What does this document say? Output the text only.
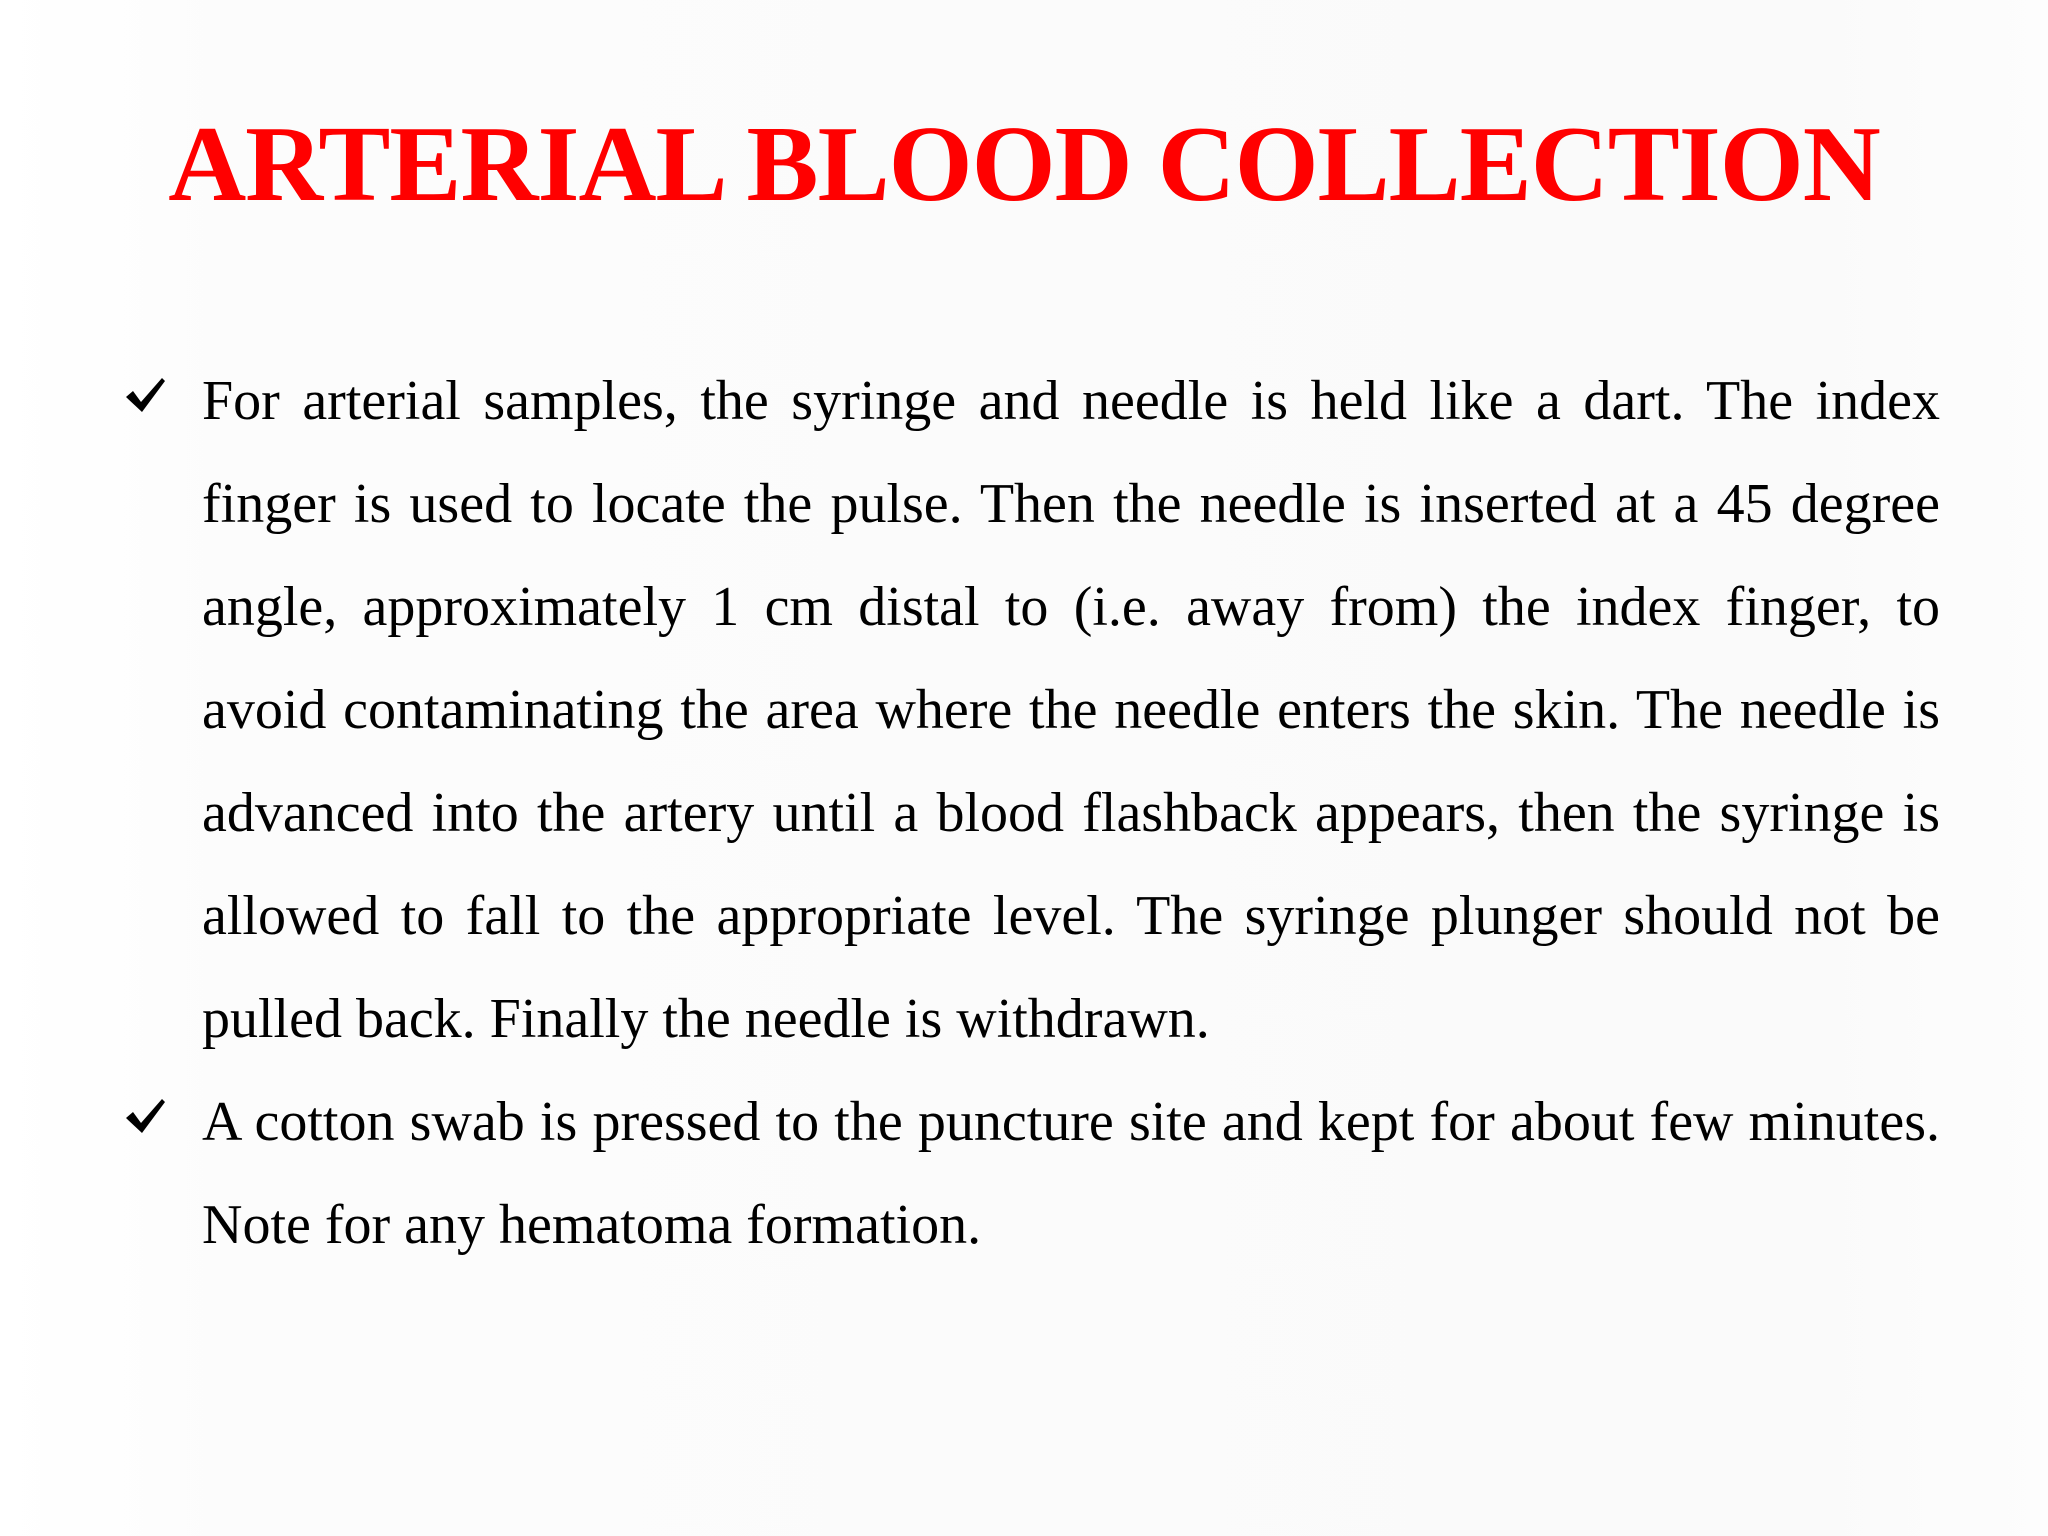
ARTERIAL BLOOD COLLECTION
For arterial samples, the syringe and needle is held like a dart. The index finger is used to locate the pulse. Then the needle is inserted at a 45 degree angle, approximately 1 cm distal to (i.e. away from) the index finger, to avoid contaminating the area where the needle enters the skin. The needle is advanced into the artery until a blood flashback appears, then the syringe is allowed to fall to the appropriate level. The syringe plunger should not be pulled back. Finally the needle is withdrawn.
A cotton swab is pressed to the puncture site and kept for about few minutes. Note for any hematoma formation.
